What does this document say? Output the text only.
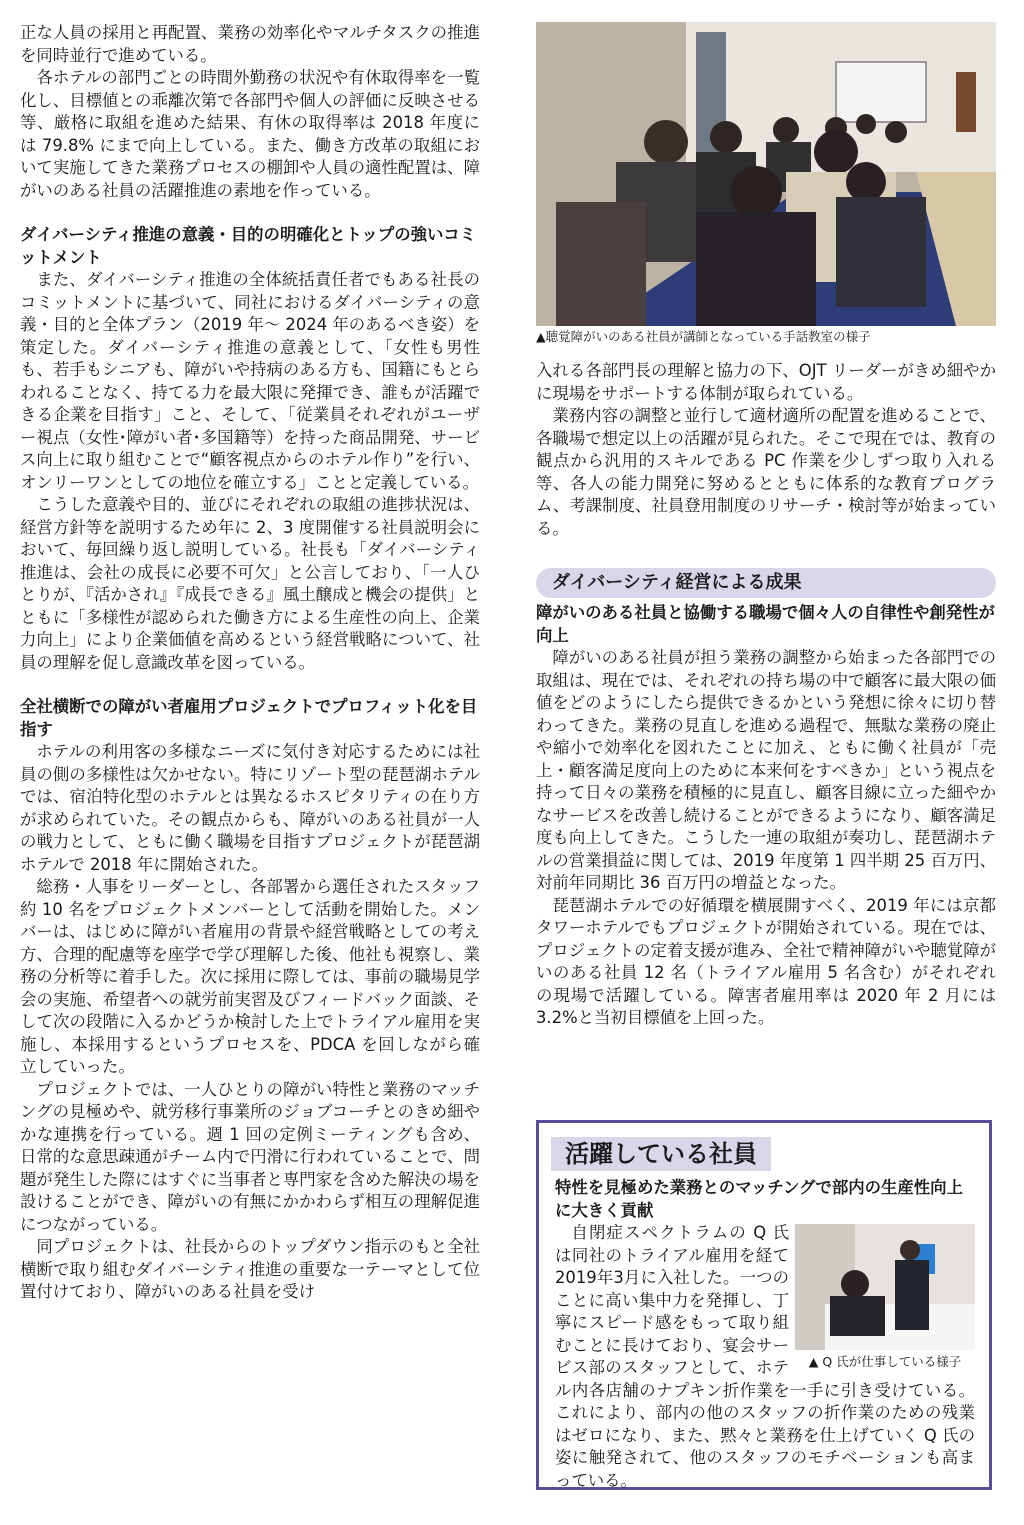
正な人員の採用と再配置、業務の効率化やマルチタスクの推進を同時並行で進めている。

各ホテルの部門ごとの時間外勤務の状況や有休取得率を一覧化し、目標値との乖離次第で各部門や個人の評価に反映させる等、厳格に取組を進めた結果、有休の取得率は 2018 年度には 79.8% にまで向上している。また、働き方改革の取組において実施してきた業務プロセスの棚卸や人員の適性配置は、障がいのある社員の活躍推進の素地を作っている。

ダイバーシティ推進の意義・目的の明確化とトップの強いコミットメント

また、ダイバーシティ推進の全体統括責任者でもある社長のコミットメントに基づいて、同社におけるダイバーシティの意義・目的と全体プラン（2019 年～ 2024 年のあるべき姿）を策定した。ダイバーシティ推進の意義として、「女性も男性も、若手もシニアも、障がいや持病のある方も、国籍にもとらわれることなく、持てる力を最大限に発揮でき、誰もが活躍できる企業を目指す」こと、そして、「従業員それぞれがユーザー視点（女性･障がい者･多国籍等）を持った商品開発、サービス向上に取り組むことで“顧客視点からのホテル作り”を行い、オンリーワンとしての地位を確立する」ことと定義している。

こうした意義や目的、並びにそれぞれの取組の進捗状況は、経営方針等を説明するため年に 2、3 度開催する社員説明会において、毎回繰り返し説明している。社長も「ダイバーシティ推進は、会社の成長に必要不可欠」と公言しており、「一人ひとりが、『活かされ』『成長できる』風土醸成と機会の提供」とともに「多様性が認められた働き方による生産性の向上、企業力向上」により企業価値を高めるという経営戦略について、社員の理解を促し意識改革を図っている。

全社横断での障がい者雇用プロジェクトでプロフィット化を目指す

ホテルの利用客の多様なニーズに気付き対応するためには社員の側の多様性は欠かせない。特にリゾート型の琵琶湖ホテルでは、宿泊特化型のホテルとは異なるホスピタリティの在り方が求められていた。その観点からも、障がいのある社員が一人の戦力として、ともに働く職場を目指すプロジェクトが琵琶湖ホテルで 2018 年に開始された。

総務・人事をリーダーとし、各部署から選任されたスタッフ約 10 名をプロジェクトメンバーとして活動を開始した。メンバーは、はじめに障がい者雇用の背景や経営戦略としての考え方、合理的配慮等を座学で学び理解した後、他社も視察し、業務の分析等に着手した。次に採用に際しては、事前の職場見学会の実施、希望者への就労前実習及びフィードバック面談、そして次の段階に入るかどうか検討した上でトライアル雇用を実施し、本採用するというプロセスを、PDCA を回しながら確立していった。

プロジェクトでは、一人ひとりの障がい特性と業務のマッチングの見極めや、就労移行事業所のジョブコーチとのきめ細やかな連携を行っている。週 1 回の定例ミーティングも含め、日常的な意思疎通がチーム内で円滑に行われていることで、問題が発生した際にはすぐに当事者と専門家を含めた解決の場を設けることができ、障がいの有無にかかわらず相互の理解促進につながっている。

同プロジェクトは、社長からのトップダウン指示のもと全社横断で取り組むダイバーシティ推進の重要な一テーマとして位置付けており、障がいのある社員を受け

▲聴覚障がいのある社員が講師となっている手話教室の様子

入れる各部門長の理解と協力の下、OJT リーダーがきめ細やかに現場をサポートする体制が取られている。

業務内容の調整と並行して適材適所の配置を進めることで、各職場で想定以上の活躍が見られた。そこで現在では、教育の観点から汎用的スキルである PC 作業を少しずつ取り入れる等、各人の能力開発に努めるとともに体系的な教育プログラム、考課制度、社員登用制度のリサーチ・検討等が始まっている。

ダイバーシティ経営による成果
障がいのある社員と協働する職場で個々人の自律性や創発性が向上

障がいのある社員が担う業務の調整から始まった各部門での取組は、現在では、それぞれの持ち場の中で顧客に最大限の価値をどのようにしたら提供できるかという発想に徐々に切り替わってきた。業務の見直しを進める過程で、無駄な業務の廃止や縮小で効率化を図れたことに加え、ともに働く社員が「売上・顧客満足度向上のために本来何をすべきか」という視点を持って日々の業務を積極的に見直し、顧客目線に立った細やかなサービスを改善し続けることができるようになり、顧客満足度も向上してきた。こうした一連の取組が奏功し、琵琶湖ホテルの営業損益に関しては、2019 年度第 1 四半期 25 百万円、対前年同期比 36 百万円の増益となった。

琵琶湖ホテルでの好循環を横展開すべく、2019 年には京都タワーホテルでもプロジェクトが開始されている。現在では、プロジェクトの定着支援が進み、全社で精神障がいや聴覚障がいのある社員 12 名（トライアル雇用 5 名含む）がそれぞれの現場で活躍している。障害者雇用率は 2020 年 2 月には 3.2%と当初目標値を上回った。

活躍している社員
特性を見極めた業務とのマッチングで部内の生産性向上に大きく貢献
▲ Q 氏が仕事している様子

自閉症スペクトラムの Q 氏は同社のトライアル雇用を経て2019年3月に入社した。一つのことに高い集中力を発揮し、丁寧にスピード感をもって取り組むことに長けており、宴会サービス部のスタッフとして、ホテル内各店舗のナプキン折作業を一手に引き受けている。これにより、部内の他のスタッフの折作業のための残業はゼロになり、また、黙々と業務を仕上げていく Q 氏の姿に触発されて、他のスタッフのモチベーションも高まっている。
